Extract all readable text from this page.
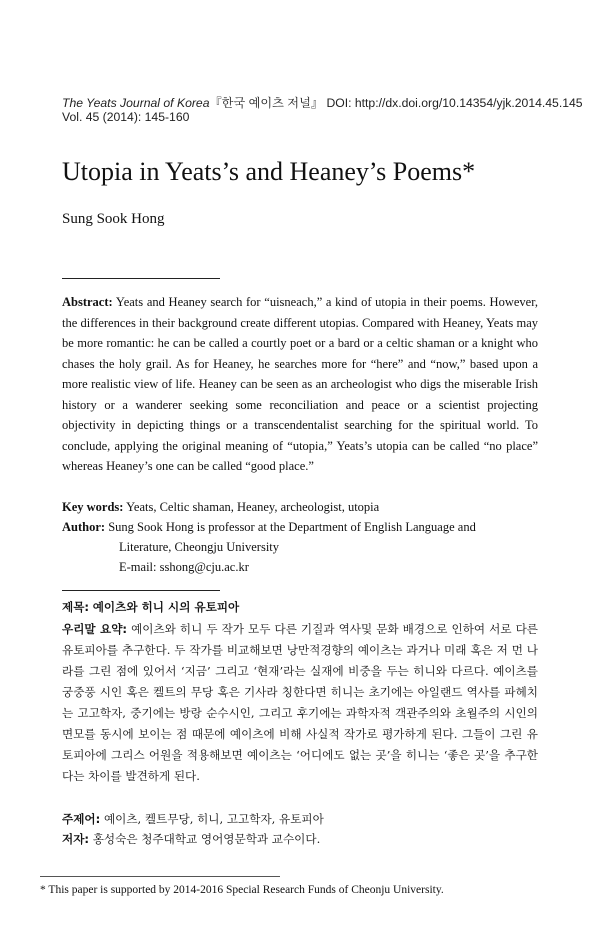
The Yeats Journal of Korea『한국 예이츠 저널』 DOI: http://dx.doi.org/10.14354/yjk.2014.45.145
Vol. 45 (2014): 145-160
Utopia in Yeats’s and Heaney’s Poems*
Sung Sook Hong

Abstract: Yeats and Heaney search for “uisneach,” a kind of utopia in their poems. However, the differences in their background create different utopias. Compared with Heaney, Yeats may be more romantic: he can be called a courtly poet or a bard or a celtic shaman or a knight who chases the holy grail. As for Heaney, he searches more for “here” and “now,” based upon a more realistic view of life. Heaney can be seen as an archeologist who digs the miserable Irish history or a wanderer seeking some reconciliation and peace or a scientist projecting objectivity in depicting things or a transcendentalist searching for the spiritual world. To conclude, applying the original meaning of “utopia,” Yeats’s utopia can be called “no place” whereas Heaney’s one can be called “good place.”

Key words: Yeats, Celtic shaman, Heaney, archeologist, utopia

Author: Sung Sook Hong is professor at the Department of English Language and

Literature, Cheongju University

E-mail: sshong@cju.ac.kr

제목: 예이츠와 히니 시의 유토피아

우리말 요약: 예이츠와 히니 두 작가 모두 다른 기질과 역사및 문화 배경으로 인하여 서로 다른 유토피아를 추구한다. 두 작가를 비교해보면 낭만적경향의 예이츠는 과거나 미래 혹은 저 먼 나라를 그린 점에 있어서 ‘지금’ 그리고 ‘현재’라는 실재에 비중을 두는 히니와 다르다. 예이츠를 궁중풍 시인 혹은 켈트의 무당 혹은 기사라 칭한다면 히니는 초기에는 아일랜드 역사를 파헤치는 고고학자, 중기에는 방랑 순수시인, 그리고 후기에는 과학자적 객관주의와 초월주의 시인의 면모를 동시에 보이는 점 때문에 예이츠에 비해 사실적 작가로 평가하게 된다. 그들이 그린 유토피아에 그리스 어원을 적용해보면 예이츠는 ‘어디에도 없는 곳’을 히니는 ‘좋은 곳’을 추구한다는 차이를 발견하게 된다.

주제어: 예이츠, 켈트무당, 히니, 고고학자, 유토피아

저자: 홍성숙은 청주대학교 영어영문학과 교수이다.

* This paper is supported by 2014-2016 Special Research Funds of Cheonju University.
